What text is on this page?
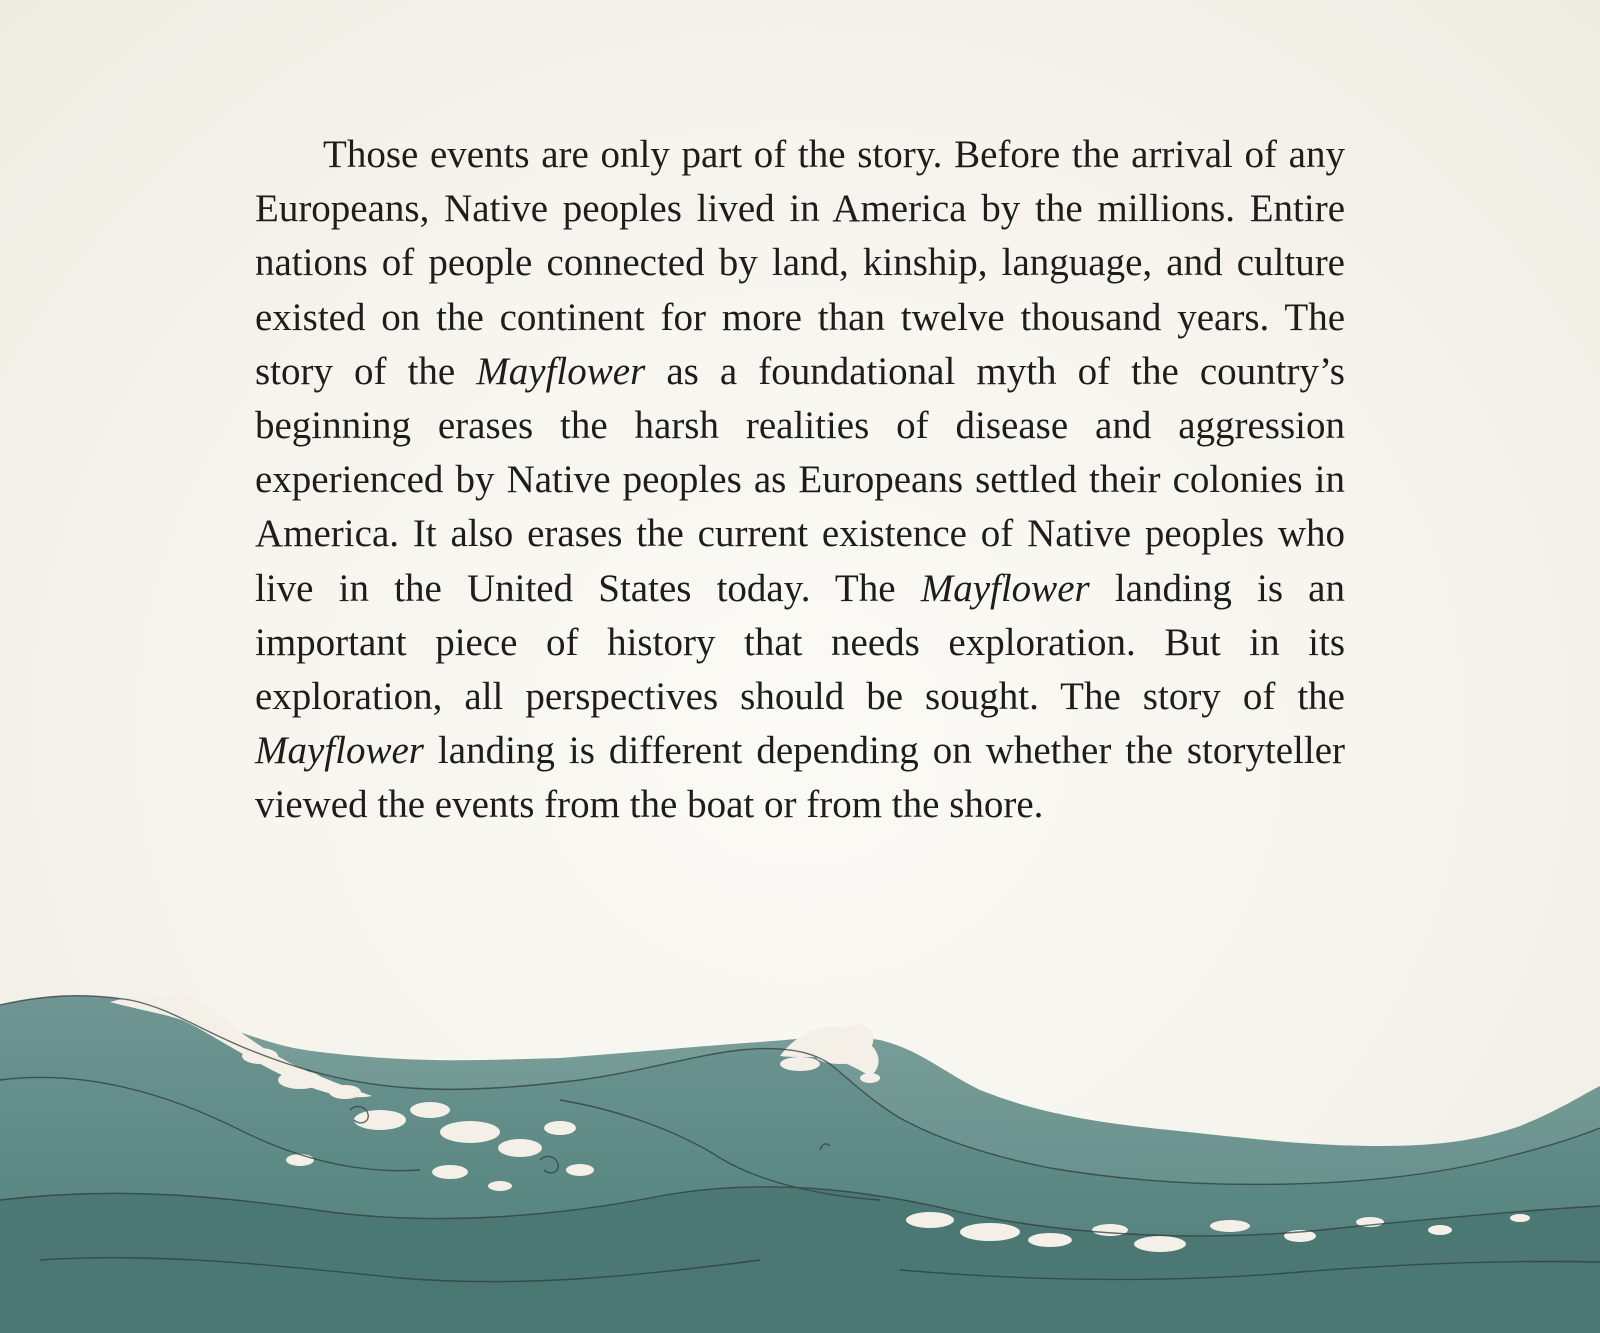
Those events are only part of the story. Before the arrival of any Europeans, Native peoples lived in America by the millions. Entire nations of people connected by land, kinship, language, and culture existed on the continent for more than twelve thousand years. The story of the Mayflower as a foundational myth of the country’s beginning erases the harsh realities of disease and aggression experienced by Native peoples as Europeans settled their colonies in America. It also erases the current existence of Native peoples who live in the United States today. The Mayflower landing is an important piece of history that needs exploration. But in its exploration, all perspectives should be sought. The story of the Mayflower landing is different depending on whether the storyteller viewed the events from the boat or from the shore.
